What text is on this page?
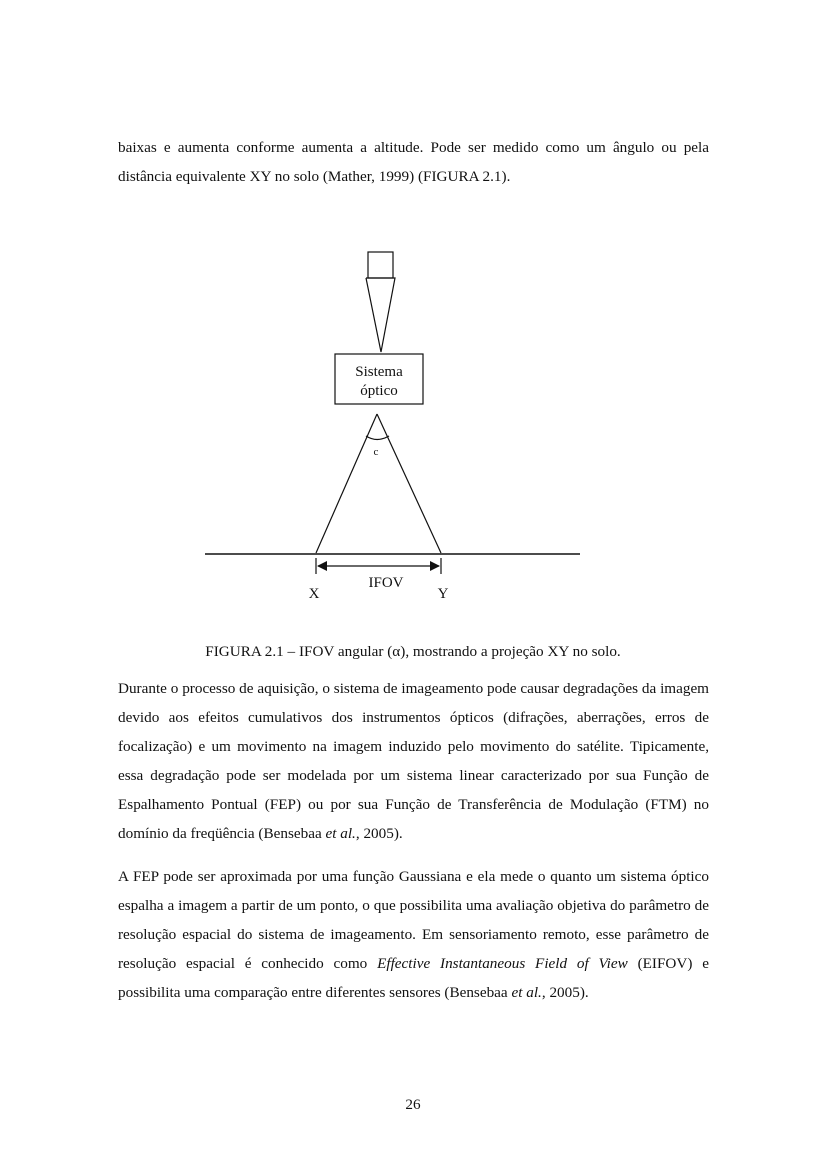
baixas e aumenta conforme aumenta a altitude. Pode ser medido como um ângulo ou pela distância equivalente XY no solo (Mather, 1999) (FIGURA 2.1).

Sistema
óptico
c
IFOV
X	Y
FIGURA 2.1 – IFOV angular (α), mostrando a projeção XY no solo.

Durante o processo de aquisição, o sistema de imageamento pode causar degradações da imagem devido aos efeitos cumulativos dos instrumentos ópticos (difrações, aberrações, erros de focalização) e um movimento na imagem induzido pelo movimento do satélite. Tipicamente, essa degradação pode ser modelada por um sistema linear caracterizado por sua Função de Espalhamento Pontual (FEP) ou por sua Função de Transferência de Modulação (FTM) no domínio da freqüência (Bensebaa et al., 2005).

A FEP pode ser aproximada por uma função Gaussiana e ela mede o quanto um sistema óptico espalha a imagem a partir de um ponto, o que possibilita uma avaliação objetiva do parâmetro de resolução espacial do sistema de imageamento. Em sensoriamento remoto, esse parâmetro de resolução espacial é conhecido como Effective Instantaneous Field of View (EIFOV) e possibilita uma comparação entre diferentes sensores (Bensebaa et al., 2005).

26
